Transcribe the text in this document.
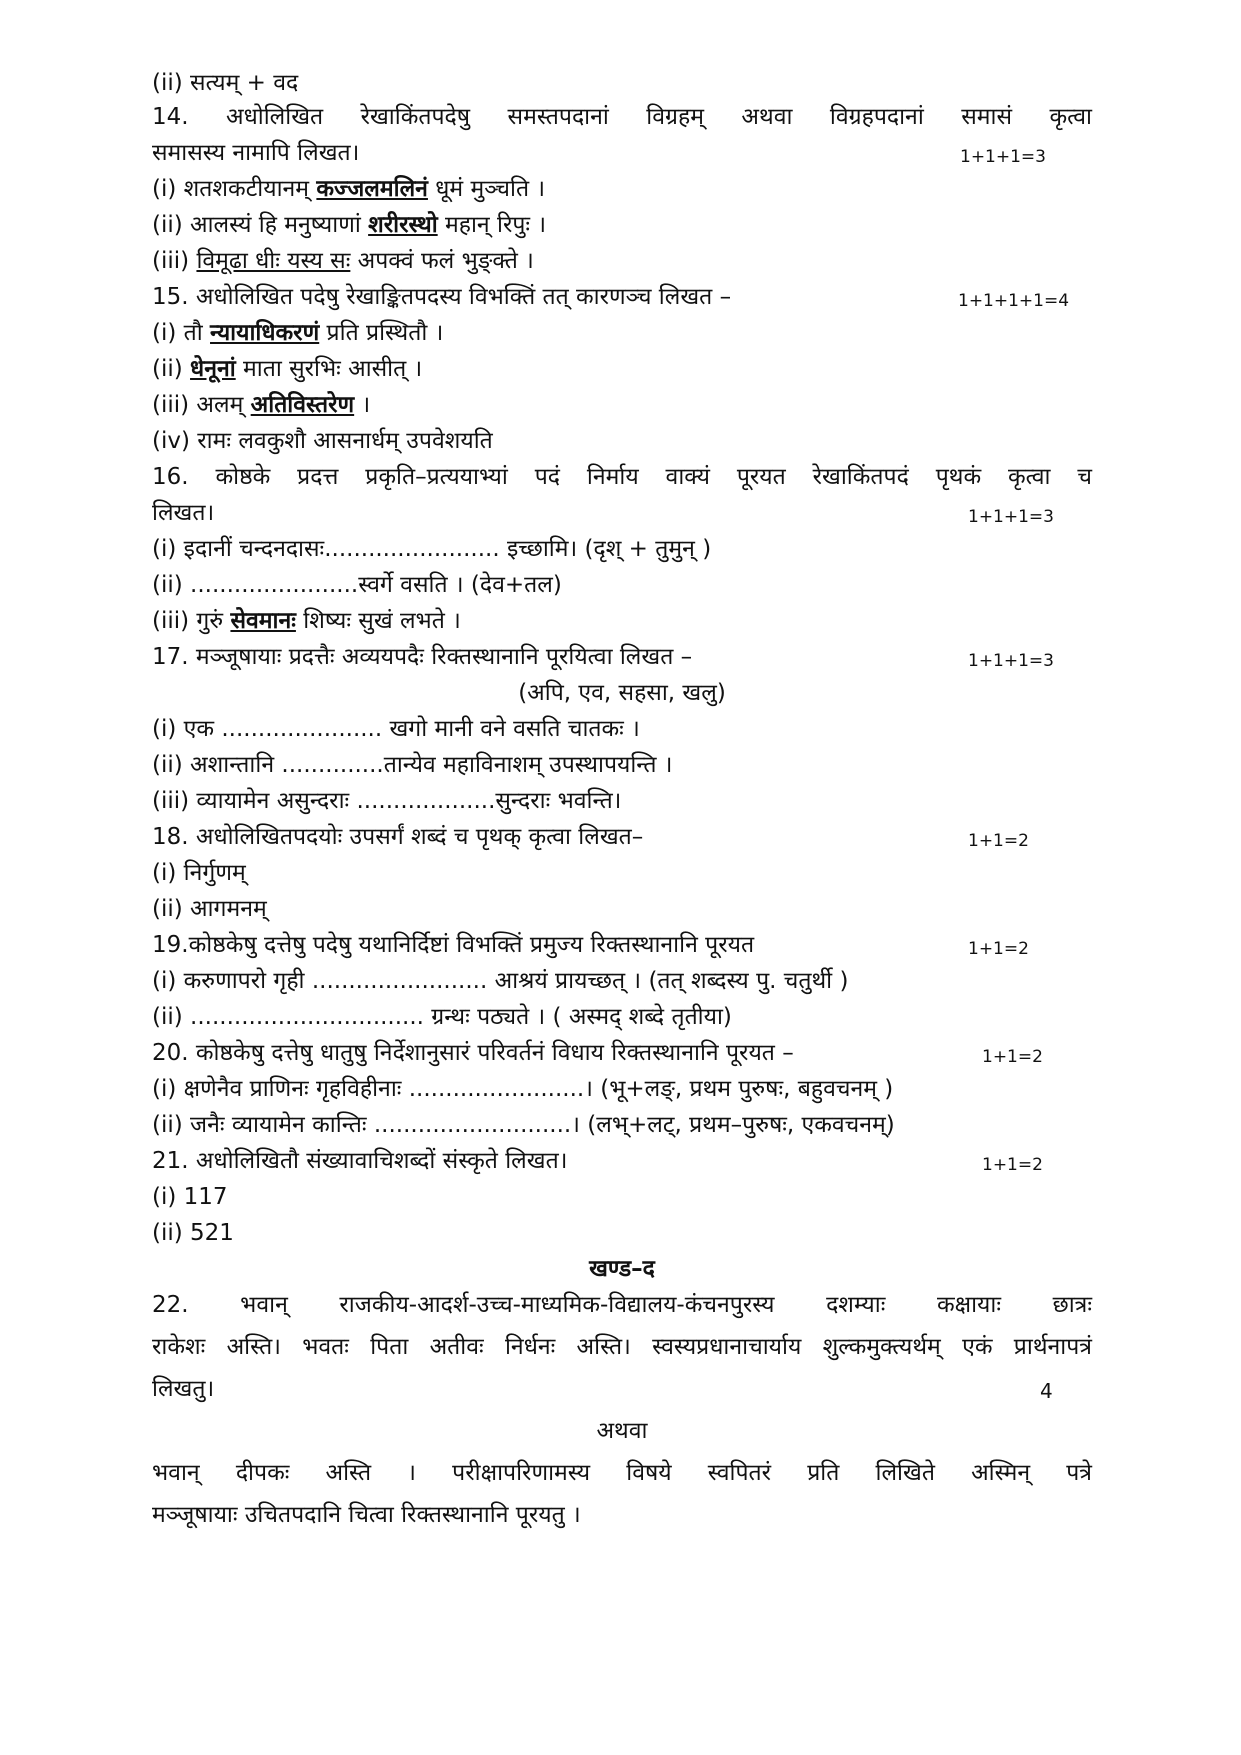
(ii) सत्यम् + वद
14. अधोलिखित रेखाकिंतपदेषु समस्तपदानां विग्रहम् अथवा विग्रहपदानां समासं कृत्वा
समासस्य नामापि लिखत।	1+1+1=3
(i) शतशकटीयानम् कज्जलमलिनं धूमं मुञ्चति ।
(ii) आलस्यं हि मनुष्याणां शरीरस्थो महान् रिपुः ।
(iii) विमूढा धीः यस्य सः अपक्वं फलं भुङ्क्ते ।
15. अधोलिखित पदेषु रेखाङ्कितपदस्य विभक्तिं तत् कारणञ्च लिखत –	1+1+1+1=4
(i) तौ न्यायाधिकरणं प्रति प्रस्थितौ ।
(ii) धेनूनां माता सुरभिः आसीत् ।
(iii) अलम् अतिविस्तरेण ।
(iv) रामः लवकुशौ आसनार्धम् उपवेशयति
16. कोष्ठके प्रदत्त प्रकृति–प्रत्ययाभ्यां पदं निर्माय वाक्यं पूरयत रेखाकिंतपदं पृथकं कृत्वा च
लिखत।	1+1+1=3
(i) इदानीं चन्दनदासः........................ इच्छामि। (दृश् + तुमुन् )
(ii) .......................स्वर्गे वसति । (देव+तल)
(iii) गुरुं सेवमानः शिष्यः सुखं लभते ।
17. मञ्जूषायाः प्रदत्तैः अव्ययपदैः रिक्तस्थानानि पूरयित्वा लिखत –	1+1+1=3
(अपि, एव, सहसा, खलु)
(i) एक ...................... खगो मानी वने वसति चातकः ।
(ii) अशान्तानि ..............तान्येव महाविनाशम् उपस्थापयन्ति ।
(iii) व्यायामेन असुन्दराः ...................सुन्दराः भवन्ति।
18. अधोलिखितपदयोः उपसर्गं शब्दं च पृथक् कृत्वा लिखत–	1+1=2
(i) निर्गुणम्
(ii) आगमनम्
19.कोष्ठकेषु दत्तेषु पदेषु यथानिर्दिष्टां विभक्तिं प्रमुज्य रिक्तस्थानानि पूरयत	1+1=2
(i) करुणापरो गृही ........................ आश्रयं प्रायच्छत् । (तत् शब्दस्य पु. चतुर्थी )
(ii) ................................ ग्रन्थः पठ्यते । ( अस्मद् शब्दे तृतीया)
20. कोष्ठकेषु दत्तेषु धातुषु निर्देशानुसारं परिवर्तनं विधाय रिक्तस्थानानि पूरयत –	1+1=2
(i) क्षणेनैव प्राणिनः गृहविहीनाः ........................। (भू+लङ्, प्रथम पुरुषः, बहुवचनम् )
(ii) जनैः व्यायामेन कान्तिः ...........................। (लभ्+लट्, प्रथम–पुरुषः, एकवचनम्)
21. अधोलिखितौ संख्यावाचिशब्दों संस्कृते लिखत।	1+1=2
(i) 117
(ii) 521
खण्ड–द
22. भवान् राजकीय-आदर्श-उच्च-माध्यमिक-विद्यालय-कंचनपुरस्य दशम्याः कक्षायाः छात्रः
राकेशः अस्ति। भवतः पिता अतीवः निर्धनः अस्ति। स्वस्यप्रधानाचार्याय शुल्कमुक्त्यर्थम् एकं प्रार्थनापत्रं
लिखतु।	4
अथवा
भवान् दीपकः अस्ति । परीक्षापरिणामस्य विषये स्वपितरं प्रति लिखिते अस्मिन् पत्रे
मञ्जूषायाः उचितपदानि चित्वा रिक्तस्थानानि पूरयतु ।
